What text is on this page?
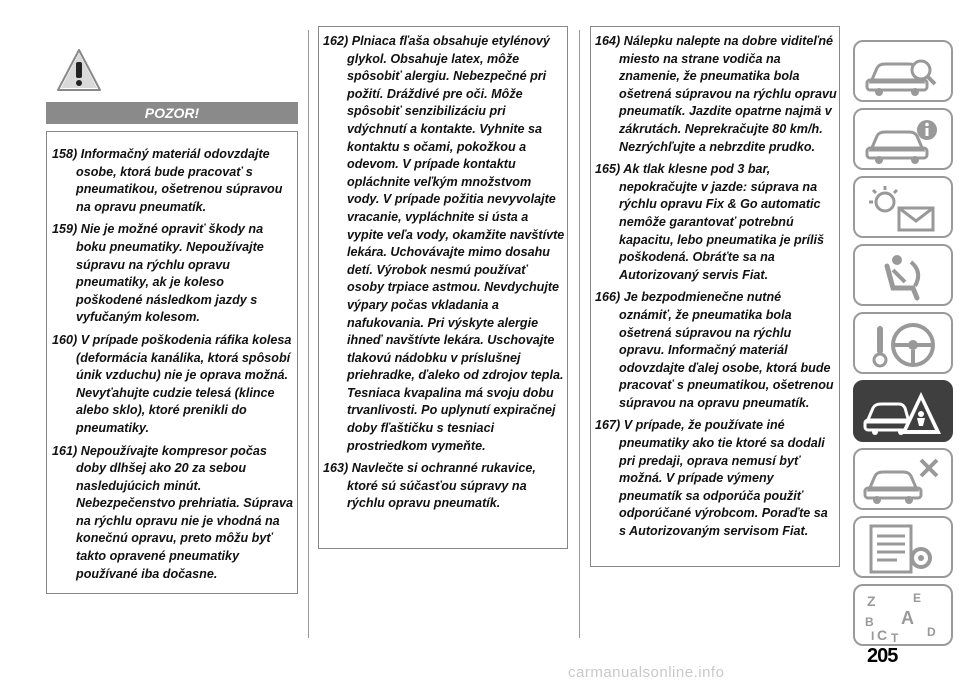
POZOR!
158) Informačný materiál odovzdajte osobe, ktorá bude pracovať s pneumatikou, ošetrenou súpravou na opravu pneumatík.
159) Nie je možné opraviť škody na boku pneumatiky. Nepoužívajte súpravu na rýchlu opravu pneumatiky, ak je koleso poškodené následkom jazdy s vyfučaným kolesom.
160) V prípade poškodenia ráfika kolesa (deformácia kanálika, ktorá spôsobí únik vzduchu) nie je oprava možná. Nevyťahujte cudzie telesá (klince alebo sklo), ktoré prenikli do pneumatiky.
161) Nepoužívajte kompresor počas doby dlhšej ako 20 za sebou nasledujúcich minút. Nebezpečenstvo prehriatia. Súprava na rýchlu opravu nie je vhodná na konečnú opravu, preto môžu byť takto opravené pneumatiky používané iba dočasne.
162) Plniaca fľaša obsahuje etylénový glykol. Obsahuje latex, môže spôsobiť alergiu. Nebezpečné pri požití. Dráždivé pre oči. Môže spôsobiť senzibilizáciu pri vdýchnutí a kontakte. Vyhnite sa kontaktu s očami, pokožkou a odevom. V prípade kontaktu opláchnite veľkým množstvom vody. V prípade požitia nevyvolajte vracanie, vypláchnite si ústa a vypite veľa vody, okamžite navštívte lekára. Uchovávajte mimo dosahu detí. Výrobok nesmú používať osoby trpiace astmou. Nevdychujte výpary počas vkladania a nafukovania. Pri výskyte alergie ihneď navštívte lekára. Uschovajte tlakovú nádobku v príslušnej priehradke, ďaleko od zdrojov tepla. Tesniaca kvapalina má svoju dobu trvanlivosti. Po uplynutí expiračnej doby fľaštičku s tesniaci prostriedkom vymeňte.
163) Navlečte si ochranné rukavice, ktoré sú súčasťou súpravy na rýchlu opravu pneumatík.
164) Nálepku nalepte na dobre viditeľné miesto na strane vodiča na znamenie, že pneumatika bola ošetrená súpravou na rýchlu opravu pneumatík. Jazdite opatrne najmä v zákrutách. Neprekračujte 80 km/h. Nezrýchľujte a nebrzdite prudko.
165) Ak tlak klesne pod 3 bar, nepokračujte v jazde: súprava na rýchlu opravu Fix & Go automatic nemôže garantovať potrebnú kapacitu, lebo pneumatika je príliš poškodená. Obráťte sa na Autorizovaný servis Fiat.
166) Je bezpodmienečne nutné oznámiť, že pneumatika bola ošetrená súpravou na rýchlu opravu. Informačný materiál odovzdajte ďalej osobe, ktorá bude pracovať s pneumatikou, ošetrenou súpravou na opravu pneumatík.
167) V prípade, že používate iné pneumatiky ako tie ktoré sa dodali pri predaji, oprava nemusí byť možná. V prípade výmeny pneumatík sa odporúča použiť odporúčané výrobcom. Poraďte sa s Autorizovaným servisom Fiat.
Z	E
A
B
C	D
T
I
205
carmanualsonline.info
